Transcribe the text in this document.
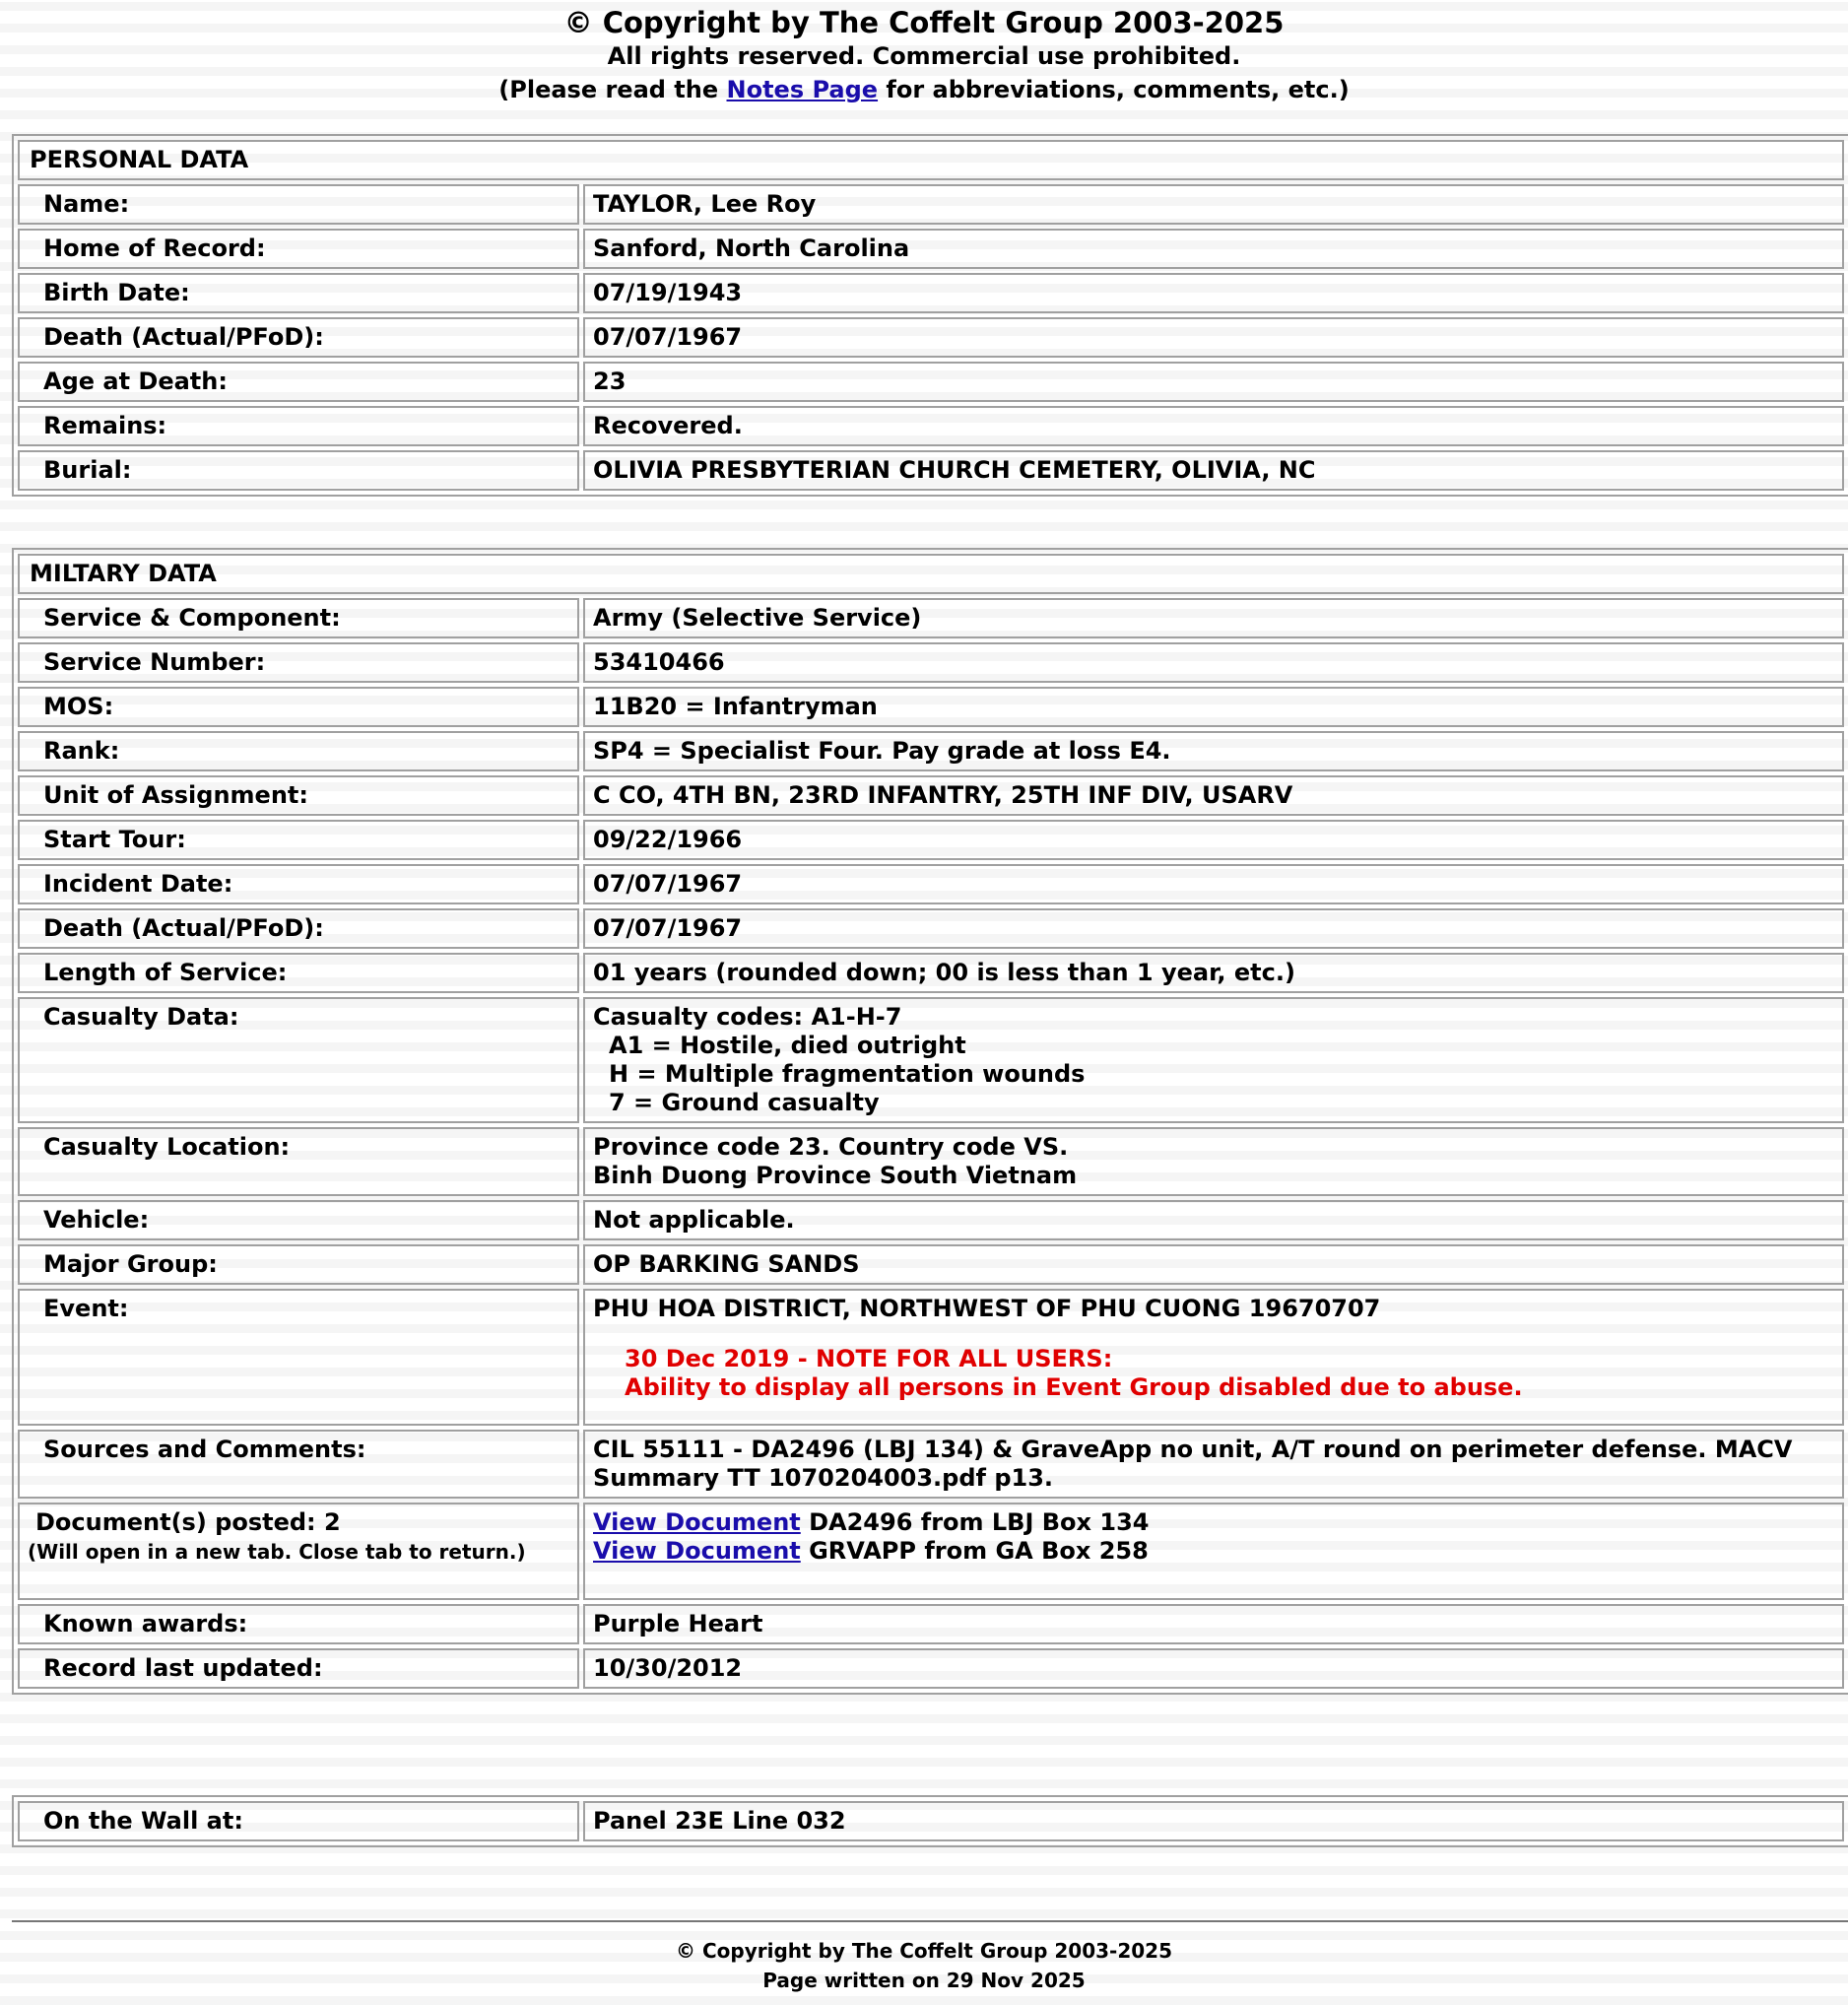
© Copyright by The Coffelt Group 2003-2025
All rights reserved. Commercial use prohibited.
(Please read the Notes Page for abbreviations, comments, etc.)
PERSONAL DATA	
Name:	TAYLOR, Lee Roy
Home of Record:	Sanford, North Carolina
Birth Date:	07/19/1943
Death (Actual/PFoD):	07/07/1967
Age at Death:	23
Remains:	Recovered.
Burial:	OLIVIA PRESBYTERIAN CHURCH CEMETERY, OLIVIA, NC
MILTARY DATA	
Service & Component:	Army (Selective Service)
Service Number:	53410466
MOS:	11B20 = Infantryman
Rank:	SP4 = Specialist Four. Pay grade at loss E4.
Unit of Assignment:	C CO, 4TH BN, 23RD INFANTRY, 25TH INF DIV, USARV
Start Tour:	09/22/1966
Incident Date:	07/07/1967
Death (Actual/PFoD):	07/07/1967
Length of Service:	01 years (rounded down; 00 is less than 1 year, etc.)
Casualty Data:	Casualty codes: A1-H-7

A1 = Hostile, died outright
H = Multiple fragmentation wounds
7 = Ground casualty

Casualty Location:	Province code 23. Country code VS.
Binh Duong Province South Vietnam
Vehicle:	Not applicable.
Major Group:	OP BARKING SANDS
Event:	PHU HOA DISTRICT, NORTHWEST OF PHU CUONG 19670707
30 Dec 2019 - NOTE FOR ALL USERS:
Ability to display all persons in Event Group disabled due to abuse.

Sources and Comments:	CIL 55111 - DA2496 (LBJ 134) & GraveApp no unit, A/T round on perimeter defense. MACV Summary TT 1070204003.pdf p13.
Document(s) posted: 2
(Will open in a new tab. Close tab to return.)	View Document DA2496 from LBJ Box 134
View Document GRVAPP from GA Box 258

Known awards:	Purple Heart
Record last updated:	10/30/2012
On the Wall at:	Panel 23E Line 032
© Copyright by The Coffelt Group 2003-2025
Page written on 29 Nov 2025
